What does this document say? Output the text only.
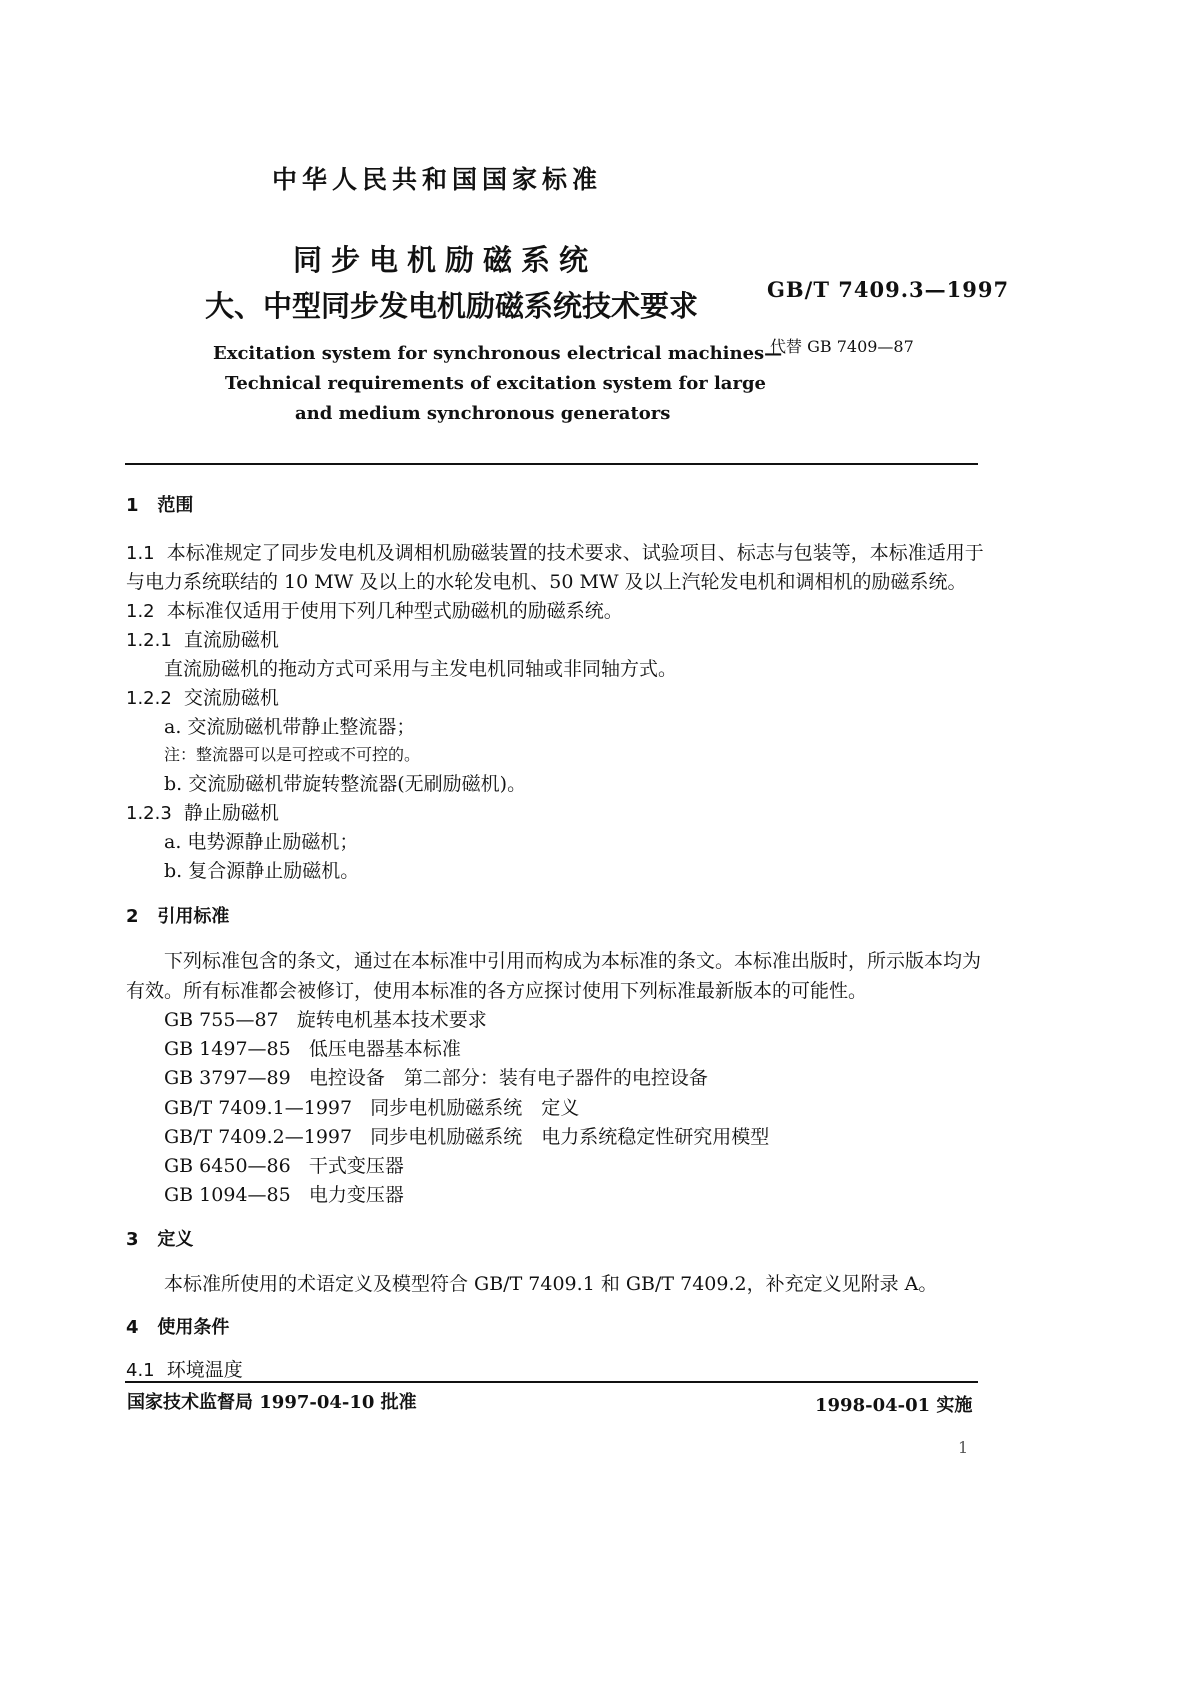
中华人民共和国国家标准
同步电机励磁系统
大、中型同步发电机励磁系统技术要求	GB/T 7409.3—1997
代替 GB 7409—87
Excitation system for synchronous electrical machines—
Technical requirements of excitation system for large
and medium synchronous generators
1 范围
1.1 本标准规定了同步发电机及调相机励磁装置的技术要求、试验项目、标志与包装等，本标准适用于
与电力系统联结的 10 MW 及以上的水轮发电机、50 MW 及以上汽轮发电机和调相机的励磁系统。
1.2 本标准仅适用于使用下列几种型式励磁机的励磁系统。
1.2.1 直流励磁机
直流励磁机的拖动方式可采用与主发电机同轴或非同轴方式。
1.2.2 交流励磁机
a. 交流励磁机带静止整流器；
注：整流器可以是可控或不可控的。
b. 交流励磁机带旋转整流器(无刷励磁机)。
1.2.3 静止励磁机
a. 电势源静止励磁机；
b. 复合源静止励磁机。
2 引用标准
下列标准包含的条文，通过在本标准中引用而构成为本标准的条文。本标准出版时，所示版本均为
有效。所有标准都会被修订，使用本标准的各方应探讨使用下列标准最新版本的可能性。
GB 755—87 旋转电机基本技术要求
GB 1497—85 低压电器基本标准
GB 3797—89 电控设备　第二部分：装有电子器件的电控设备
GB/T 7409.1—1997 同步电机励磁系统　定义
GB/T 7409.2—1997 同步电机励磁系统　电力系统稳定性研究用模型
GB 6450—86 干式变压器
GB 1094—85 电力变压器
3 定义
本标准所使用的术语定义及模型符合 GB/T 7409.1 和 GB/T 7409.2，补充定义见附录 A。
4 使用条件
4.1 环境温度
国家技术监督局 1997-04-10 批准	1998-04-01 实施
1
